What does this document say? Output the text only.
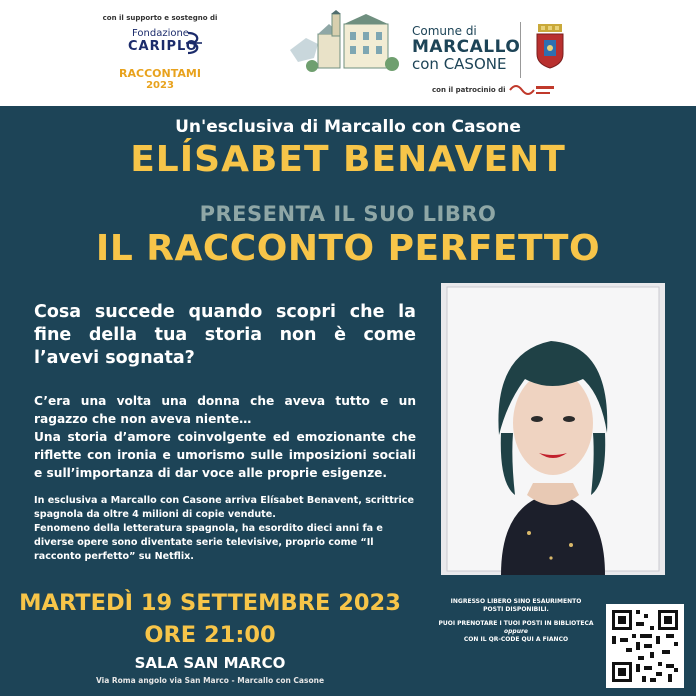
con il supporto e sostegno di
Fondazione
CARIPLO
RACCONTAMI
2023
Comune di
MARCALLO
con CASONE
con il patrocinio di
Un'esclusiva di Marcallo con Casone
ELÍSABET BENAVENT
PRESENTA IL SUO LIBRO
IL RACCONTO PERFETTO
Cosa succede quando scopri che la fine della tua storia non è come l’avevi sognata?

C’era una volta una donna che aveva tutto e un ragazzo che non aveva niente…

Una storia d’amore coinvolgente ed emozionante che riflette con ironia e umorismo sulle imposizioni sociali e sull’importanza di dar voce alle proprie esigenze.

In esclusiva a Marcallo con Casone arriva Elísabet Benavent, scrittrice spagnola da oltre 4 milioni di copie vendute.

Fenomeno della letteratura spagnola, ha esordito dieci anni fa e diverse opere sono diventate serie televisive, proprio come “Il racconto perfetto” su Netflix.

MARTEDÌ 19 SETTEMBRE 2023
ORE 21:00
SALA SAN MARCO
Via Roma angolo via San Marco - Marcallo con Casone
INGRESSO LIBERO SINO ESAURIMENTO
POSTI DISPONIBILI.
PUOI PRENOTARE I TUOI POSTI IN BIBLIOTECA
oppure
CON IL QR-CODE QUI A FIANCO
